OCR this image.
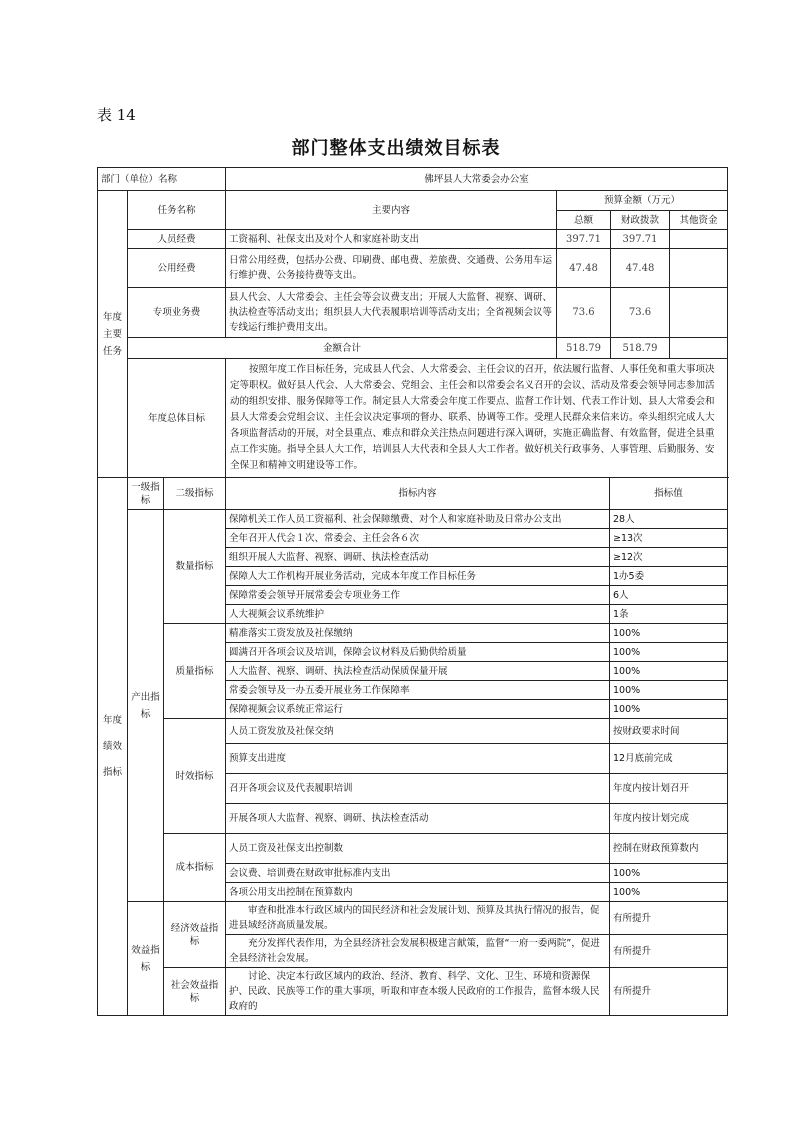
表 14
部门整体支出绩效目标表
部门（单位）名称		佛坪县人大常委会办公室			
年度主要任务	任务名称	主要内容	预算金额（万元）		
			总额	财政拨款	其他资金
	人员经费	工资福利、社保支出及对个人和家庭补助支出	397.71	397.71	
	公用经费	日常公用经费，包括办公费、印刷费、邮电费、差旅费、交通费、公务用车运行维护费、公务接待费等支出。	47.48	47.48	
	专项业务费	县人代会、人大常委会、主任会等会议费支出；开展人大监督、视察、调研、执法检查等活动支出；组织县人大代表履职培训等活动支出；全省视频会议等专线运行维护费用支出。	73.6	73.6	
	金额合计		518.79	518.79	
	年度总体目标	按照年度工作目标任务，完成县人代会、人大常委会、主任会议的召开，依法履行监督、人事任免和重大事项决定等职权。做好县人代会、人大常委会、党组会、主任会和以常委会名义召开的会议、活动及常委会领导同志参加活动的组织安排、服务保障等工作。制定县人大常委会年度工作要点、监督工作计划、代表工作计划、县人大常委会和县人大常委会党组会议、主任会议决定事项的督办、联系、协调等工作。受理人民群众来信来访。牵头组织完成人大各项监督活动的开展，对全县重点、难点和群众关注热点问题进行深入调研，实施正确监督、有效监督，促进全县重点工作实施。指导全县人大工作，培训县人大代表和全县人大工作者。做好机关行政事务、人事管理、后勤服务、安全保卫和精神文明建设等工作。			
年度绩效指标	一级指标	二级指标	指标内容	指标值
	产出指标	数量指标	保障机关工作人员工资福利、社会保障缴费、对个人和家庭补助及日常办公支出	28人
			全年召开人代会１次、常委会、主任会各６次	≥13次
			组织开展人大监督、视察、调研、执法检查活动	≥12次
			保障人大工作机构开展业务活动，完成本年度工作目标任务	1办5委
			保障常委会领导开展常委会专项业务工作	6人
			人大视频会议系统维护	1条
		质量指标	精准落实工资发放及社保缴纳	100%
			圆满召开各项会议及培训，保障会议材料及后勤供给质量	100%
			人大监督、视察、调研、执法检查活动保质保量开展	100%
			常委会领导及一办五委开展业务工作保障率	100%
			保障视频会议系统正常运行	100%
		时效指标	人员工资发放及社保交纳	按财政要求时间
			预算支出进度	12月底前完成
			召开各项会议及代表履职培训	年度内按计划召开
			开展各项人大监督、视察、调研、执法检查活动	年度内按计划完成
		成本指标	人员工资及社保支出控制数	控制在财政预算数内
			会议费、培训费在财政审批标准内支出	100%
			各项公用支出控制在预算数内	100%
	效益指标	经济效益指标	审查和批准本行政区域内的国民经济和社会发展计划、预算及其执行情况的报告，促进县域经济高质量发展。	有所提升
			充分发挥代表作用，为全县经济社会发展积极建言献策，监督“一府一委两院”，促进全县经济社会发展。	有所提升
		社会效益指标	讨论、决定本行政区域内的政治、经济、教育、科学、文化、卫生、环境和资源保护、民政、民族等工作的重大事项，听取和审查本级人民政府的工作报告，监督本级人民政府的	有所提升
